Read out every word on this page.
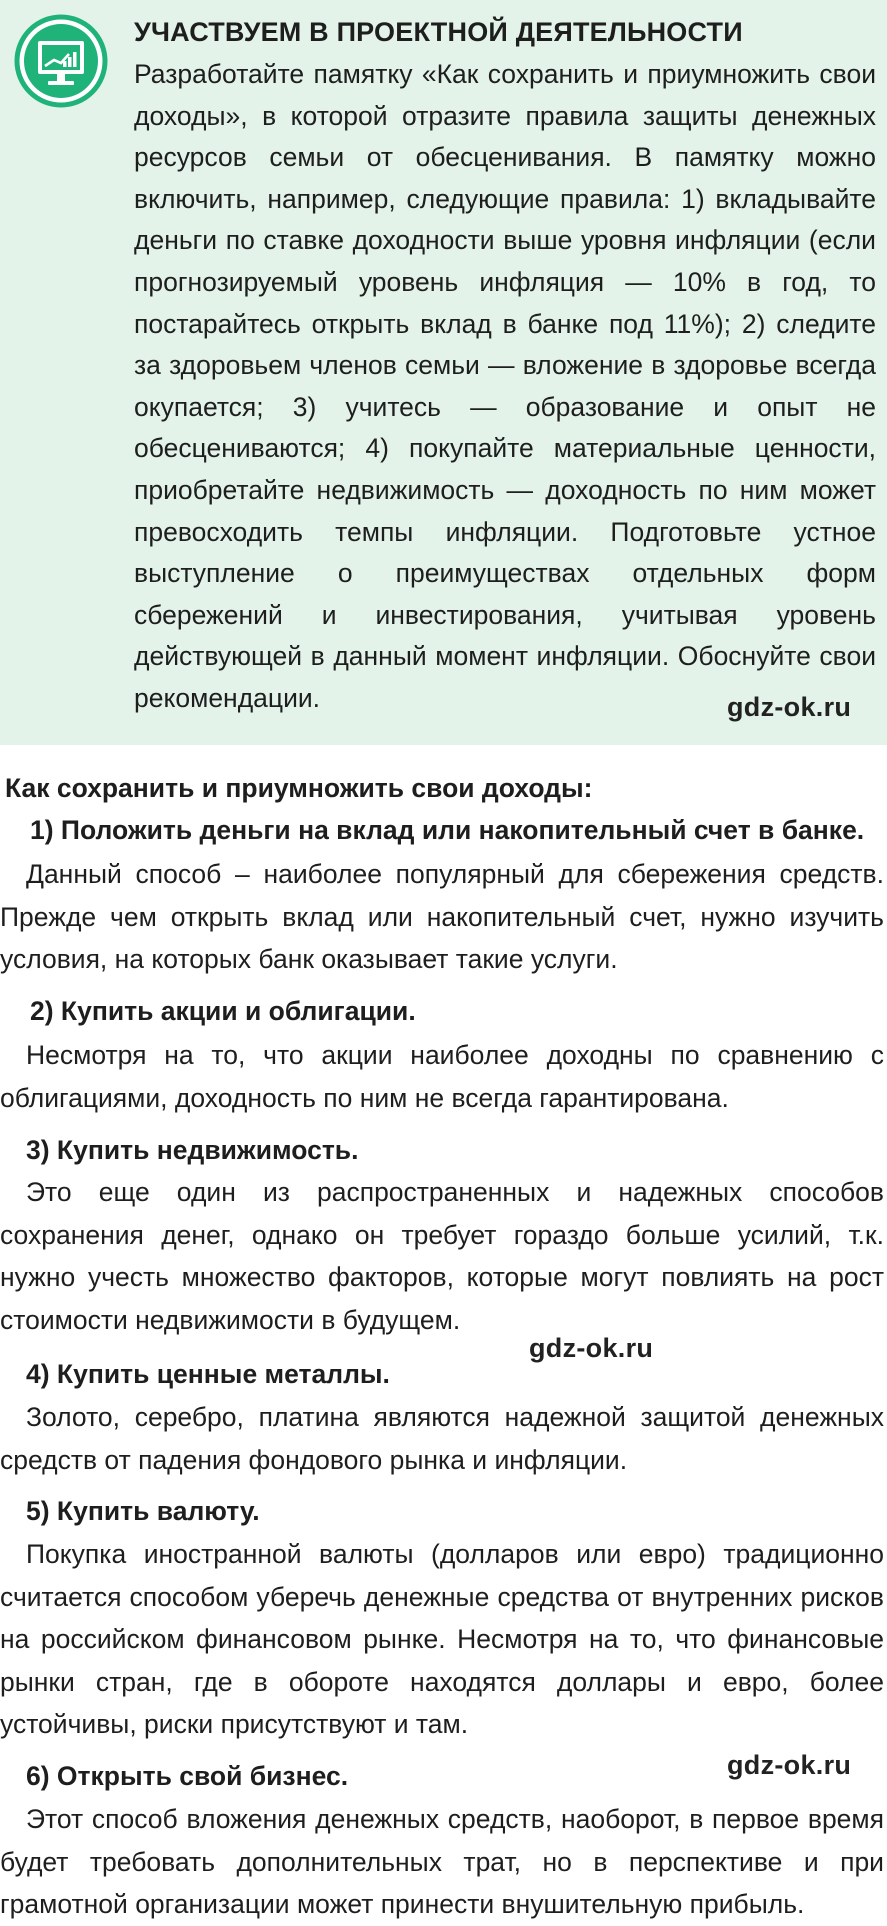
УЧАСТВУЕМ В ПРОЕКТНОЙ ДЕЯТЕЛЬНОСТИ

Разработайте памятку «Как сохранить и приумножить свои доходы», в которой отразите правила защиты денежных ресурсов семьи от обесценивания. В памятку можно включить, например, следующие правила: 1) вкладывайте деньги по ставке доходности выше уровня инфляции (если прогнозируемый уровень инфляция — 10% в год, то постарайтесь открыть вклад в банке под 11%); 2) следите за здоровьем членов семьи — вложение в здоровье всегда окупается; 3) учитесь — образование и опыт не обесцениваются; 4) покупайте материальные ценности, приобретайте недвижимость — доходность по ним может превосходить темпы инфляции. Подготовьте устное выступление о преимуществах отдельных форм сбережений и инвестирования, учитывая уровень действующей в данный момент инфляции. Обоснуйте свои рекомендации.	gdz-ok.ru
gdz-ok.ru
gdz-ok.ru
Как сохранить и приумножить свои доходы:
1) Положить деньги на вклад или накопительный счет в банке.

Данный способ – наиболее популярный для сбережения средств. Прежде чем открыть вклад или накопительный счет, нужно изучить условия, на которых банк оказывает такие услуги.

2) Купить акции и облигации.

Несмотря на то, что акции наиболее доходны по сравнению с облигациями, доходность по ним не всегда гарантирована.

3) Купить недвижимость.

Это еще один из распространенных и надежных способов сохранения денег, однако он требует гораздо больше усилий, т.к. нужно учесть множество факторов, которые могут повлиять на рост стоимости недвижимости в будущем.

4) Купить ценные металлы.

Золото, серебро, платина являются надежной защитой денежных средств от падения фондового рынка и инфляции.

5) Купить валюту.

Покупка иностранной валюты (долларов или евро) традиционно считается способом уберечь денежные средства от внутренних рисков на российском финансовом рынке. Несмотря на то, что финансовые рынки стран, где в обороте находятся доллары и евро, более устойчивы, риски присутствуют и там.

6) Открыть свой бизнес.

Этот способ вложения денежных средств, наоборот, в первое время будет требовать дополнительных трат, но в перспективе и при грамотной организации может принести внушительную прибыль.
